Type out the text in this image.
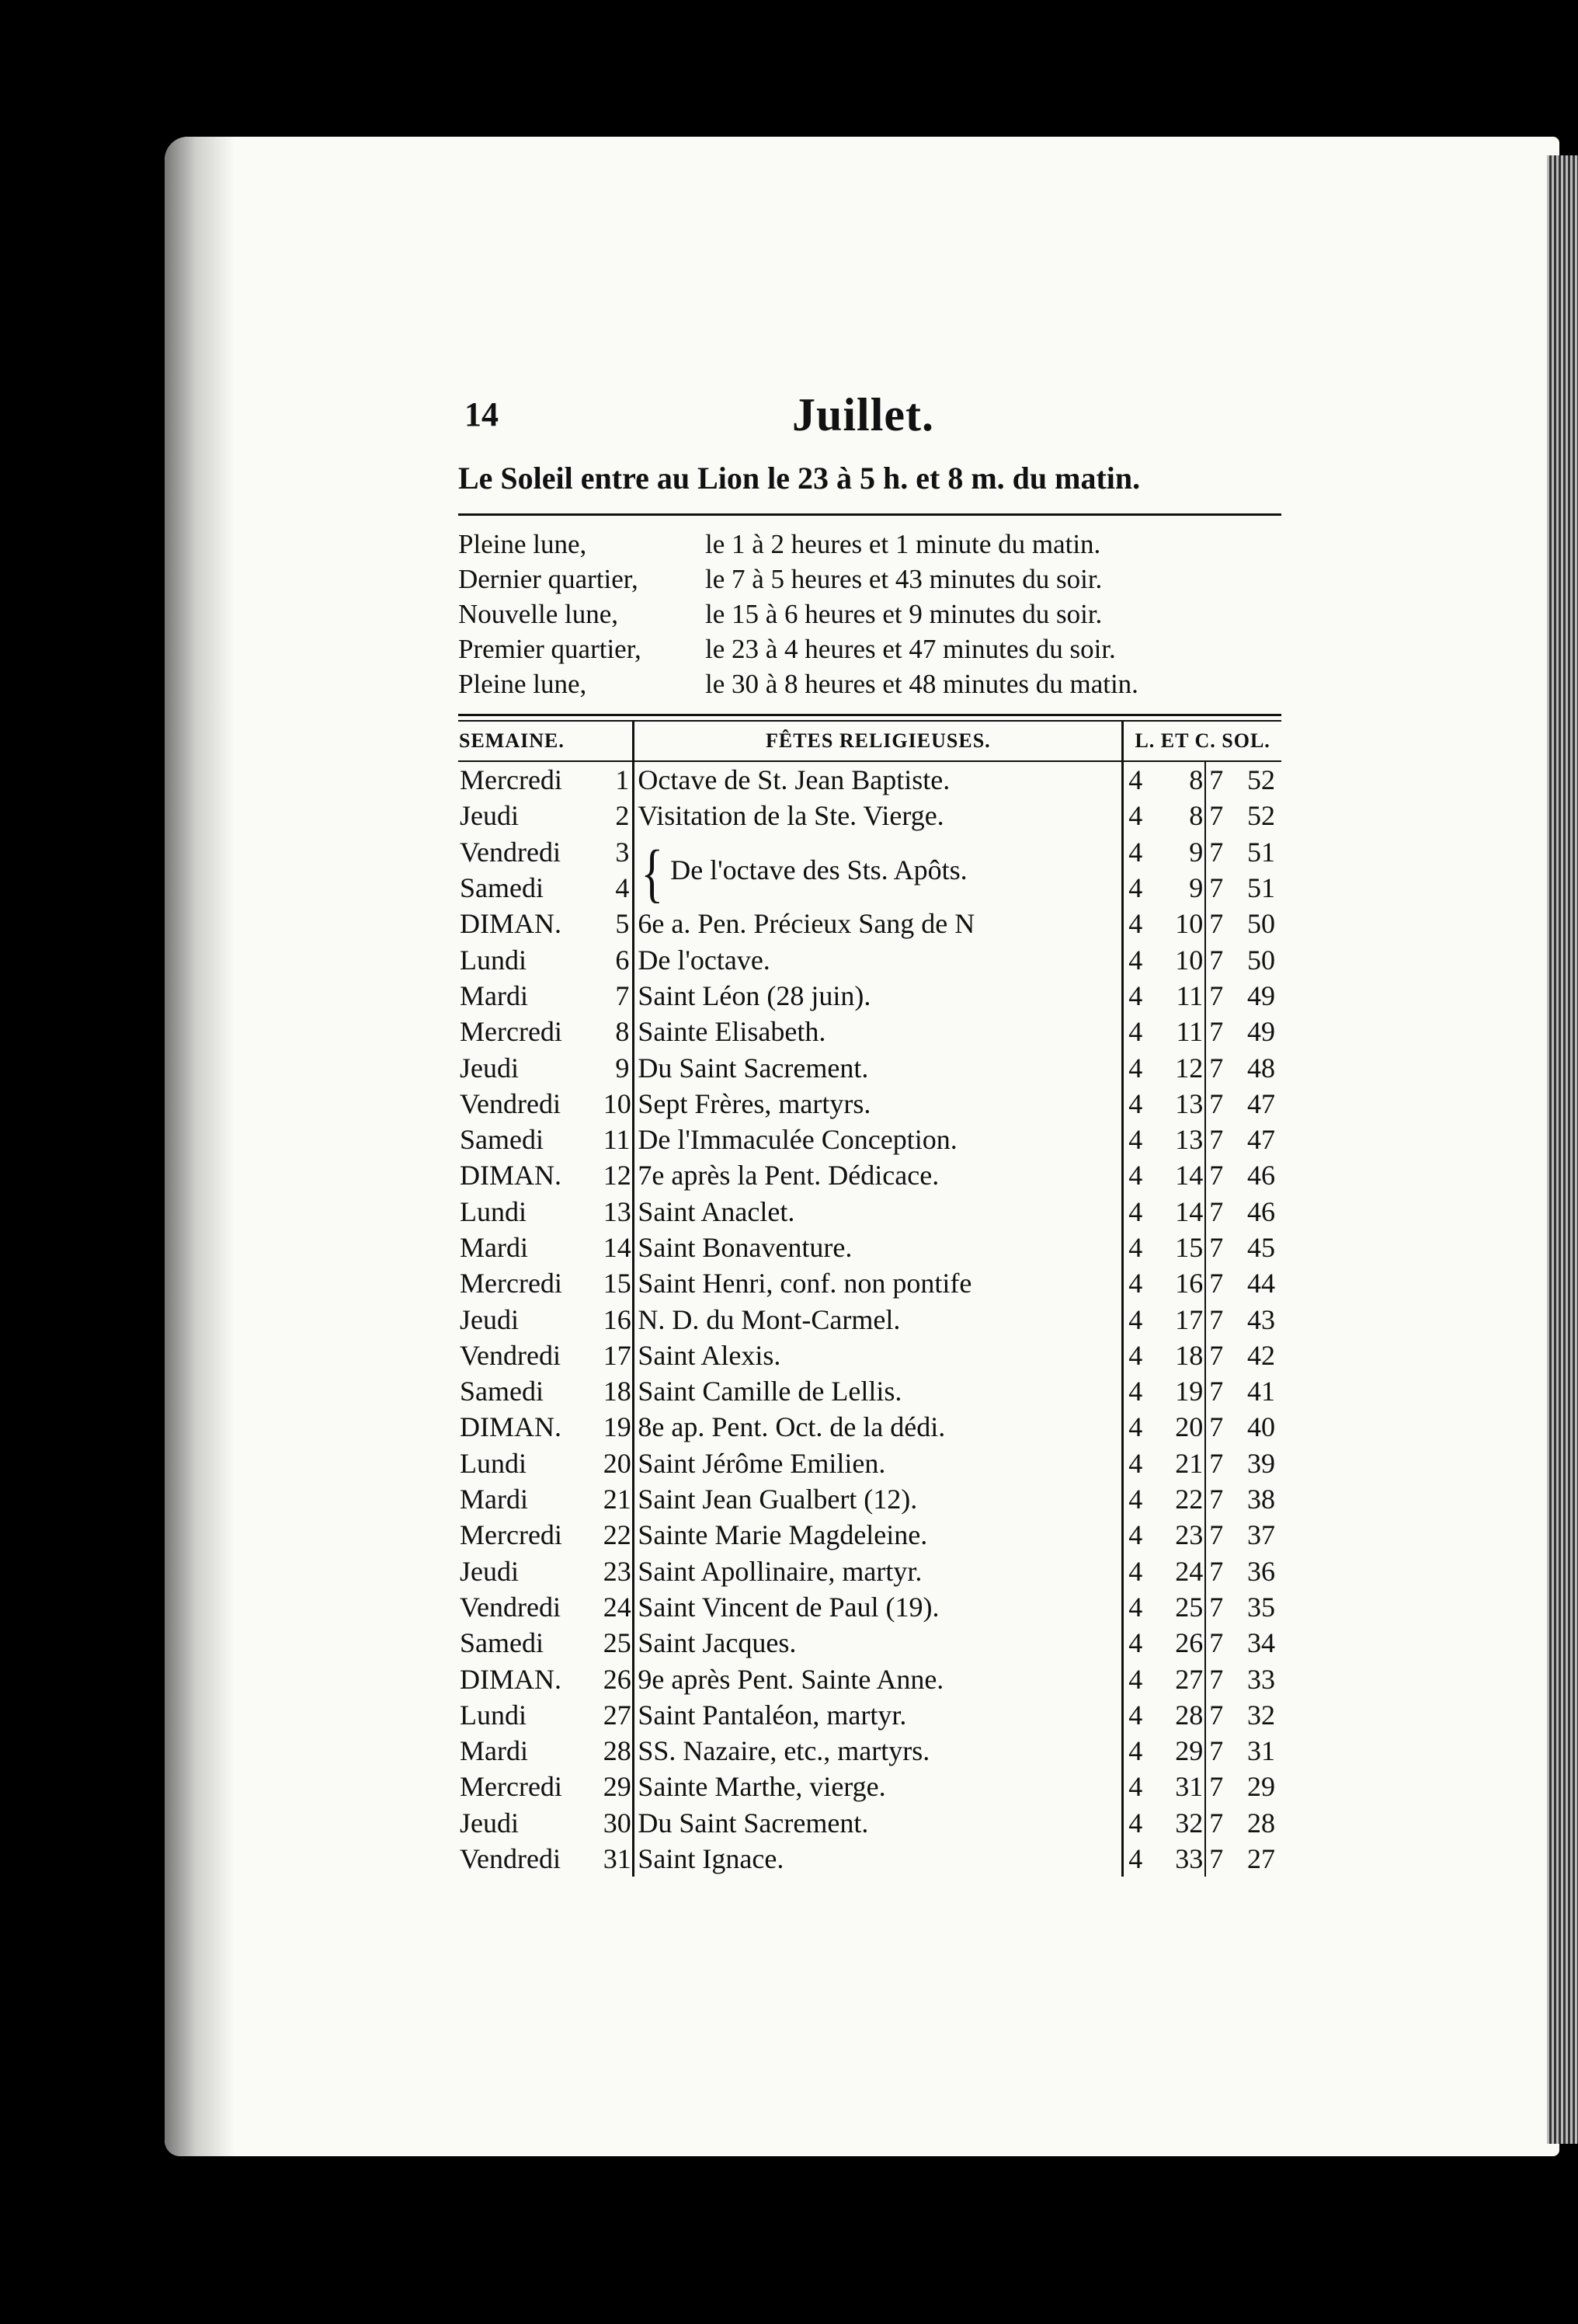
14	Juillet.
Le Soleil entre au Lion le 23 à 5 h. et 8 m. du matin.
Pleine lune,	le 1 à 2 heures et 1 minute du matin.
Dernier quartier,	le 7 à 5 heures et 43 minutes du soir.
Nouvelle lune,	le 15 à 6 heures et 9 minutes du soir.
Premier quartier,	le 23 à 4 heures et 47 minutes du soir.
Pleine lune,	le 30 à 8 heures et 48 minutes du matin.
SEMAINE.		FÊTES RELIGIEUSES.	L. ET C. SOL.			
Mercredi	1	Octave de St. Jean Baptiste.	4	8	7	52
Jeudi	2	Visitation de la Ste. Vierge.	4	8	7	52
Vendredi	3	{ De l'octave des Sts. Apôts.	4	9	7	51
Samedi	4		4	9	7	51
DIMAN.	5	6e a. Pen. Précieux Sang de N	4	10	7	50
Lundi	6	De l'octave.	4	10	7	50
Mardi	7	Saint Léon (28 juin).	4	11	7	49
Mercredi	8	Sainte Elisabeth.	4	11	7	49
Jeudi	9	Du Saint Sacrement.	4	12	7	48
Vendredi	10	Sept Frères, martyrs.	4	13	7	47
Samedi	11	De l'Immaculée Conception.	4	13	7	47
DIMAN.	12	7e après la Pent. Dédicace.	4	14	7	46
Lundi	13	Saint Anaclet.	4	14	7	46
Mardi	14	Saint Bonaventure.	4	15	7	45
Mercredi	15	Saint Henri, conf. non pontife	4	16	7	44
Jeudi	16	N. D. du Mont-Carmel.	4	17	7	43
Vendredi	17	Saint Alexis.	4	18	7	42
Samedi	18	Saint Camille de Lellis.	4	19	7	41
DIMAN.	19	8e ap. Pent. Oct. de la dédi.	4	20	7	40
Lundi	20	Saint Jérôme Emilien.	4	21	7	39
Mardi	21	Saint Jean Gualbert (12).	4	22	7	38
Mercredi	22	Sainte Marie Magdeleine.	4	23	7	37
Jeudi	23	Saint Apollinaire, martyr.	4	24	7	36
Vendredi	24	Saint Vincent de Paul (19).	4	25	7	35
Samedi	25	Saint Jacques.	4	26	7	34
DIMAN.	26	9e après Pent. Sainte Anne.	4	27	7	33
Lundi	27	Saint Pantaléon, martyr.	4	28	7	32
Mardi	28	SS. Nazaire, etc., martyrs.	4	29	7	31
Mercredi	29	Sainte Marthe, vierge.	4	31	7	29
Jeudi	30	Du Saint Sacrement.	4	32	7	28
Vendredi	31	Saint Ignace.	4	33	7	27
